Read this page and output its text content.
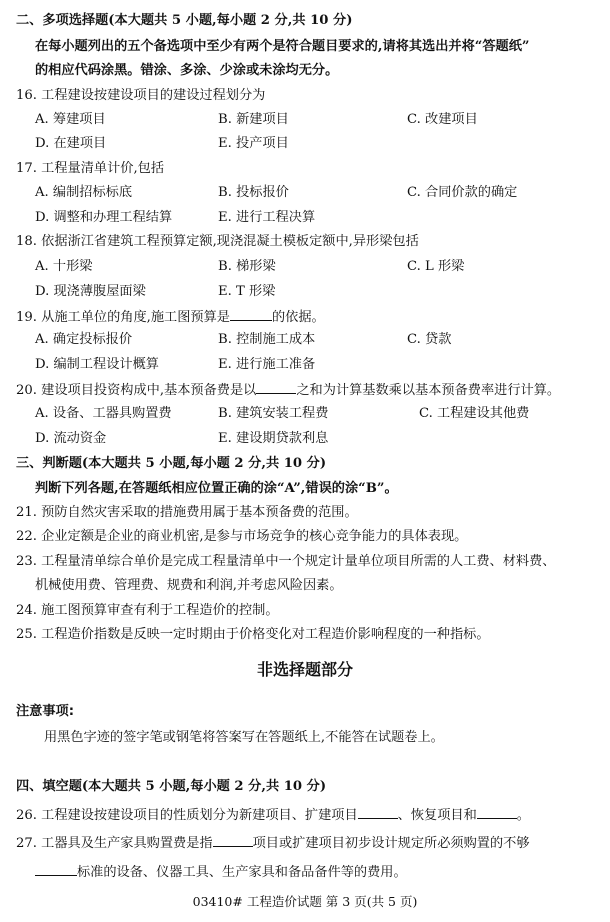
二、多项选择题(本大题共 5 小题,每小题 2 分,共 10 分)
在每小题列出的五个备选项中至少有两个是符合题目要求的,请将其选出并将“答题纸”
的相应代码涂黑。错涂、多涂、少涂或未涂均无分。
16. 工程建设按建设项目的建设过程划分为
A. 筹建项目	B. 新建项目	C. 改建项目
D. 在建项目	E. 投产项目
17. 工程量清单计价,包括
A. 编制招标标底	B. 投标报价	C. 合同价款的确定
D. 调整和办理工程结算	E. 进行工程决算
18. 依据浙江省建筑工程预算定额,现浇混凝土模板定额中,异形梁包括
A. 十形梁	B. 梯形梁	C. L 形梁
D. 现浇薄腹屋面梁	E. T 形梁
19. 从施工单位的角度,施工图预算是	的依据。
A. 确定投标报价	B. 控制施工成本	C. 贷款
D. 编制工程设计概算	E. 进行施工准备
20. 建设项目投资构成中,基本预备费是以	之和为计算基数乘以基本预备费率进行计算。
A. 设备、工器具购置费	B. 建筑安装工程费	C. 工程建设其他费
D. 流动资金	E. 建设期贷款利息
三、判断题(本大题共 5 小题,每小题 2 分,共 10 分)
判断下列各题,在答题纸相应位置正确的涂“A”,错误的涂“B”。
21. 预防自然灾害采取的措施费用属于基本预备费的范围。
22. 企业定额是企业的商业机密,是参与市场竞争的核心竞争能力的具体表现。
23. 工程量清单综合单价是完成工程量清单中一个规定计量单位项目所需的人工费、材料费、
机械使用费、管理费、规费和利润,并考虑风险因素。
24. 施工图预算审查有利于工程造价的控制。
25. 工程造价指数是反映一定时期由于价格变化对工程造价影响程度的一种指标。
非选择题部分
注意事项:
用黑色字迹的签字笔或钢笔将答案写在答题纸上,不能答在试题卷上。
四、填空题(本大题共 5 小题,每小题 2 分,共 10 分)
26. 工程建设按建设项目的性质划分为新建项目、扩建项目	、恢复项目和	。
27. 工器具及生产家具购置费是指	项目或扩建项目初步设计规定所必须购置的不够
标准的设备、仪器工具、生产家具和备品备件等的费用。
03410# 工程造价试题 第 3 页(共 5 页)
